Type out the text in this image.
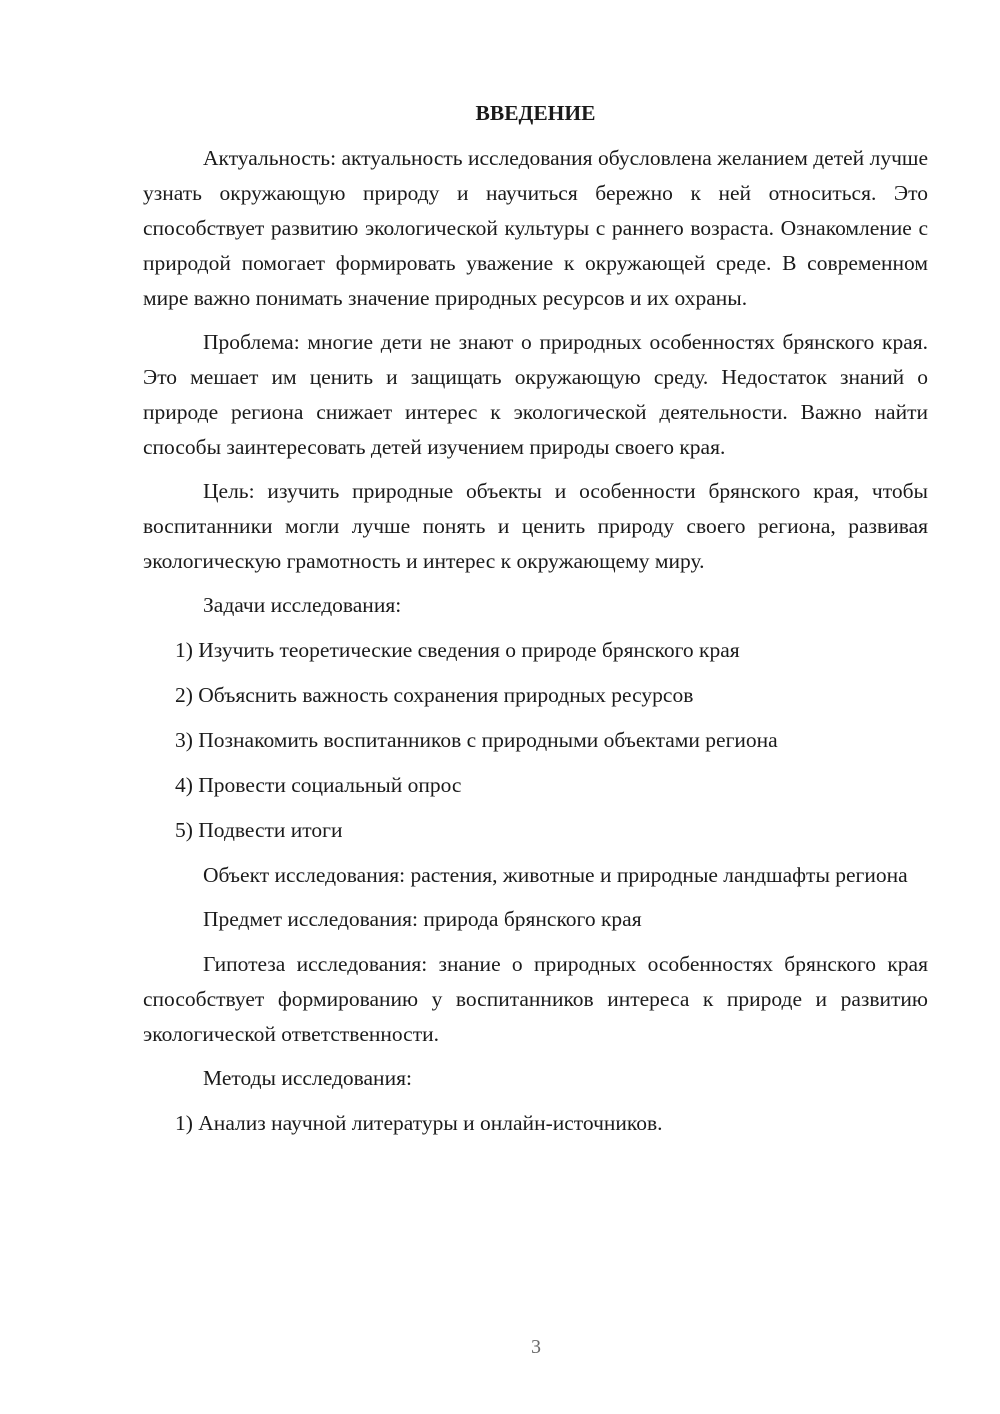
ВВЕДЕНИЕ

Актуальность: актуальность исследования обусловлена желанием детей лучше узнать окружающую природу и научиться бережно к ней относиться. Это способствует развитию экологической культуры с раннего возраста. Ознакомление с природой помогает формировать уважение к окружающей среде. В современном мире важно понимать значение природных ресурсов и их охраны.

Проблема: многие дети не знают о природных особенностях брянского края. Это мешает им ценить и защищать окружающую среду. Недостаток знаний о природе региона снижает интерес к экологической деятельности. Важно найти способы заинтересовать детей изучением природы своего края.

Цель: изучить природные объекты и особенности брянского края, чтобы воспитанники могли лучше понять и ценить природу своего региона, развивая экологическую грамотность и интерес к окружающему миру.

Задачи исследования:

1) Изучить теоретические сведения о природе брянского края
2) Объяснить важность сохранения природных ресурсов
3) Познакомить воспитанников с природными объектами региона
4) Провести социальный опрос
5) Подвести итоги

Объект исследования: растения, животные и природные ландшафты региона

Предмет исследования: природа брянского края

Гипотеза исследования: знание о природных особенностях брянского края способствует формированию у воспитанников интереса к природе и развитию экологической ответственности.

Методы исследования:

1) Анализ научной литературы и онлайн-источников.
3
